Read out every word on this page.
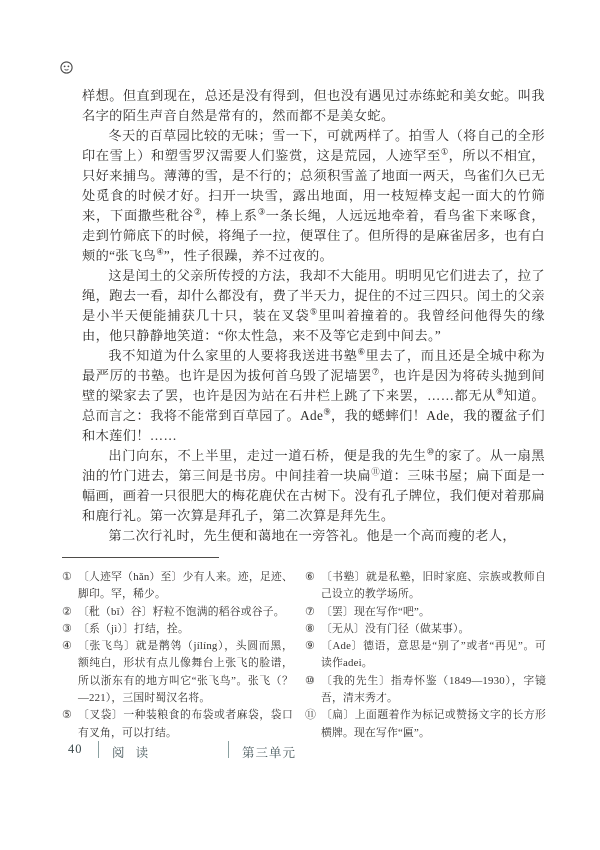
样想。但直到现在，总还是没有得到，但也没有遇见过赤练蛇和美女蛇。叫我名字的陌生声音自然是常有的，然而都不是美女蛇。

冬天的百草园比较的无味；雪一下，可就两样了。拍雪人（将自己的全形印在雪上）和塑雪罗汉需要人们鉴赏，这是荒园，人迹罕至①，所以不相宜，只好来捕鸟。薄薄的雪，是不行的；总须积雪盖了地面一两天，鸟雀们久已无处觅食的时候才好。扫开一块雪，露出地面，用一枝短棒支起一面大的竹筛来，下面撒些秕谷②，棒上系③一条长绳，人远远地牵着，看鸟雀下来啄食，走到竹筛底下的时候，将绳子一拉，便罩住了。但所得的是麻雀居多，也有白颊的“张飞鸟④”，性子很躁，养不过夜的。

这是闰土的父亲所传授的方法，我却不大能用。明明见它们进去了，拉了绳，跑去一看，却什么都没有，费了半天力，捉住的不过三四只。闰土的父亲是小半天便能捕获几十只，装在叉袋⑤里叫着撞着的。我曾经问他得失的缘由，他只静静地笑道：“你太性急，来不及等它走到中间去。”

我不知道为什么家里的人要将我送进书塾⑥里去了，而且还是全城中称为最严厉的书塾。也许是因为拔何首乌毁了泥墙罢⑦，也许是因为将砖头抛到间壁的梁家去了罢，也许是因为站在石井栏上跳了下来罢，……都无从⑧知道。总而言之：我将不能常到百草园了。Ade⑨，我的蟋蟀们！Ade，我的覆盆子们和木莲们！……

出门向东，不上半里，走过一道石桥，便是我的先生⑩的家了。从一扇黑油的竹门进去，第三间是书房。中间挂着一块扁⑪道：三味书屋；扁下面是一幅画，画着一只很肥大的梅花鹿伏在古树下。没有孔子牌位，我们便对着那扁和鹿行礼。第一次算是拜孔子，第二次算是拜先生。

第二次行礼时，先生便和蔼地在一旁答礼。他是一个高而瘦的老人，

① 〔人迹罕（hǎn）至〕少有人来。迹，足迹、脚印。罕，稀少。
② 〔秕（bǐ）谷〕籽粒不饱满的稻谷或谷子。
③ 〔系（jì）〕打结，拴。
④ 〔张飞鸟〕就是鹡鸰（jílíng），头圆而黑，额纯白，形状有点儿像舞台上张飞的脸谱，所以浙东有的地方叫它“张飞鸟”。张飞（？—221），三国时蜀汉名将。
⑤ 〔叉袋〕一种装粮食的布袋或者麻袋，袋口有叉角，可以打结。
⑥ 〔书塾〕就是私塾，旧时家庭、宗族或教师自己设立的教学场所。
⑦ 〔罢〕现在写作“吧”。
⑧ 〔无从〕没有门径（做某事）。
⑨ 〔Ade〕德语，意思是“别了”或者“再见”。可读作adei。
⑩ 〔我的先生〕指寿怀鉴（1849—1930），字镜吾，清末秀才。
⑪ 〔扁〕上面题着作为标记或赞扬文字的长方形横牌。现在写作“匾”。
40 阅 读	第三单元
